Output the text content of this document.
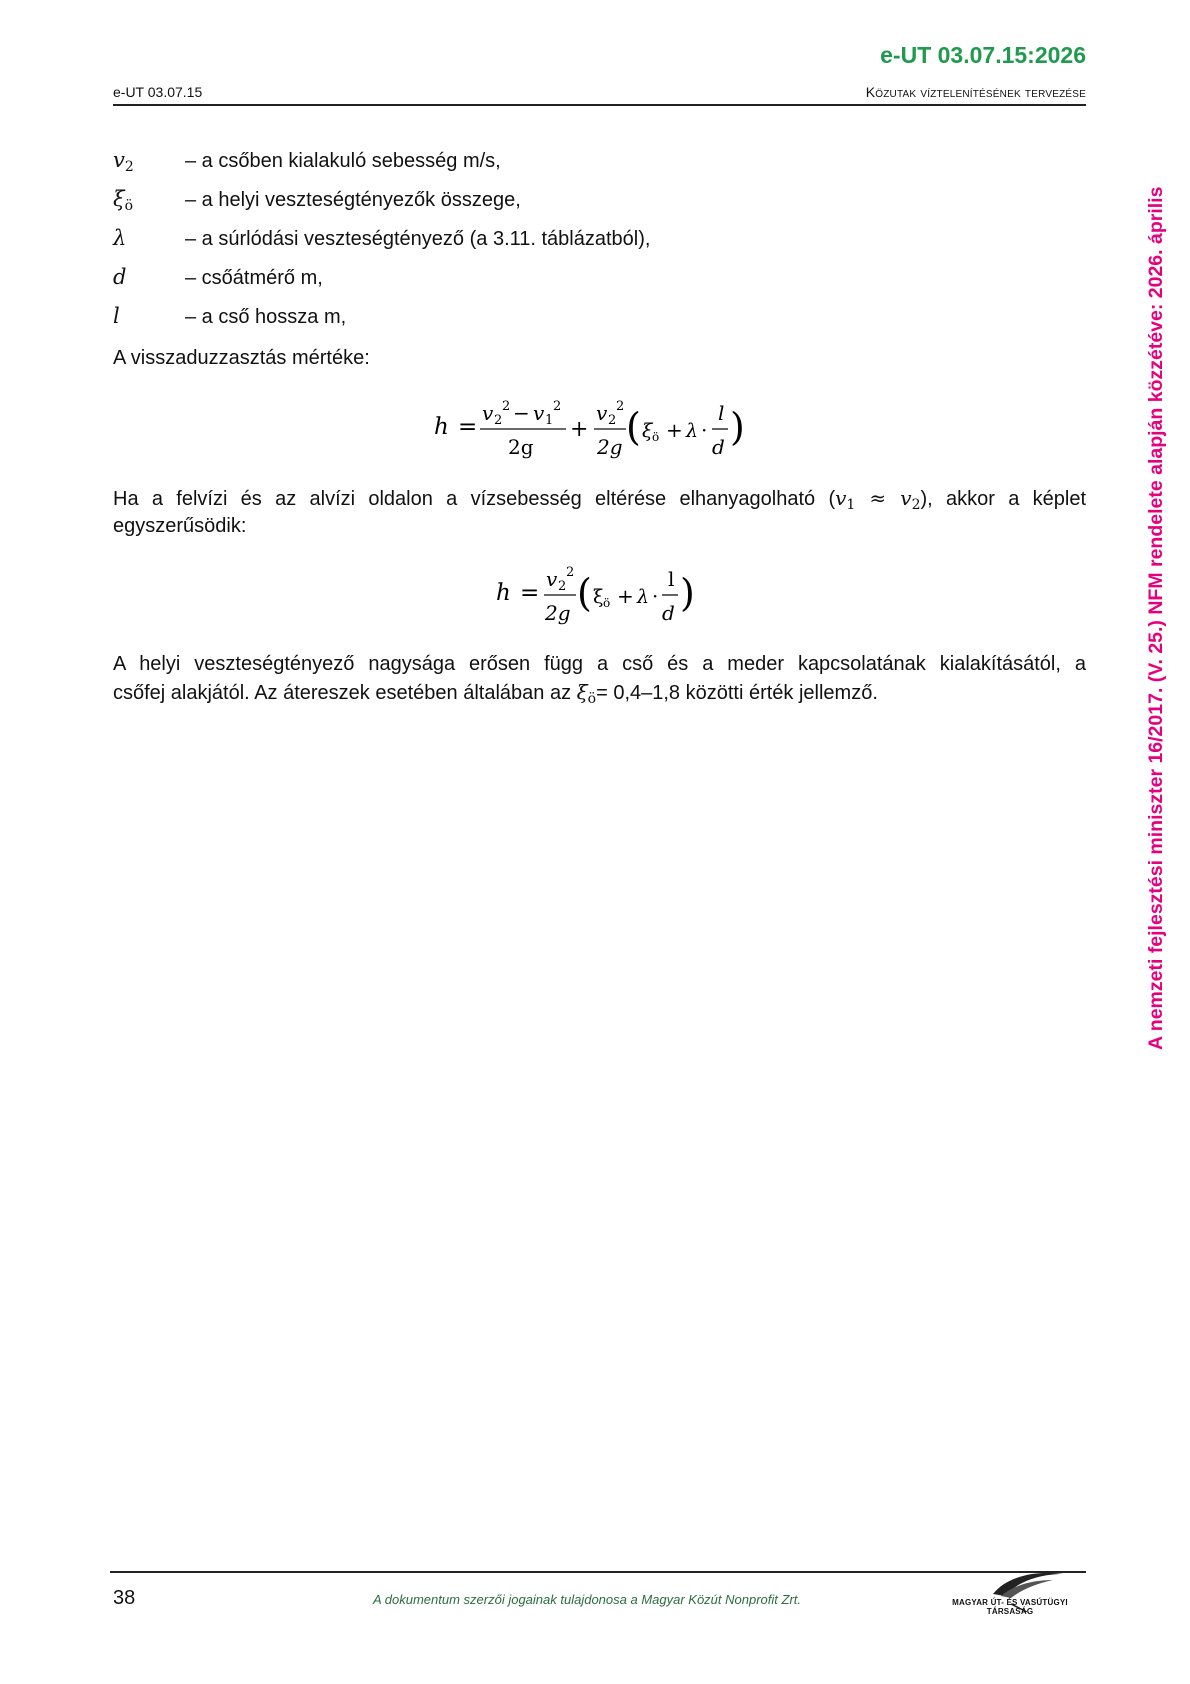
e-UT 03.07.15:2026
e-UT 03.07.15	Közutak víztelenítésének tervezése
$v_2$	– a csőben kialakuló sebesség m/s,
$\xi_ö$	– a helyi veszteségtényezők összege,
λ	– a súrlódási veszteségtényező (a 3.11. táblázatból),
d	– csőátmérő m,
l	– a cső hossza m,
A visszaduzzasztás mértéke:
h =
v 2
2 − v 1
2
2g
+
v 2
2
2g ( ξ ö + λ ·
l
d )
Ha a felvízi és az alvízi oldalon a vízsebesség eltérése elhanyagolható $(v_1 \approx v_2)$, akkor a képlet
egyszerűsödik:
h =
v 2
2
2g ( ξ ö + λ ·
l
d )
A helyi veszteségtényező nagysága erősen függ a cső és a meder kapcsolatának kialakításától, a
csőfej alakjától. Az átereszek esetében általában az $\xi_ö= 0,4-1,8$ közötti érték jellemző.	A nemzeti fejlesztési miniszter 16/2017. (V. 25.) NFM rendelete alapján közzétéve: 2026. április
38	A dokumentum szerzői jogainak tulajdonosa a Magyar Közút Nonprofit Zrt.	MAGYAR ÚT- ÉS VASÚTÜGYI TÁRSASÁG
